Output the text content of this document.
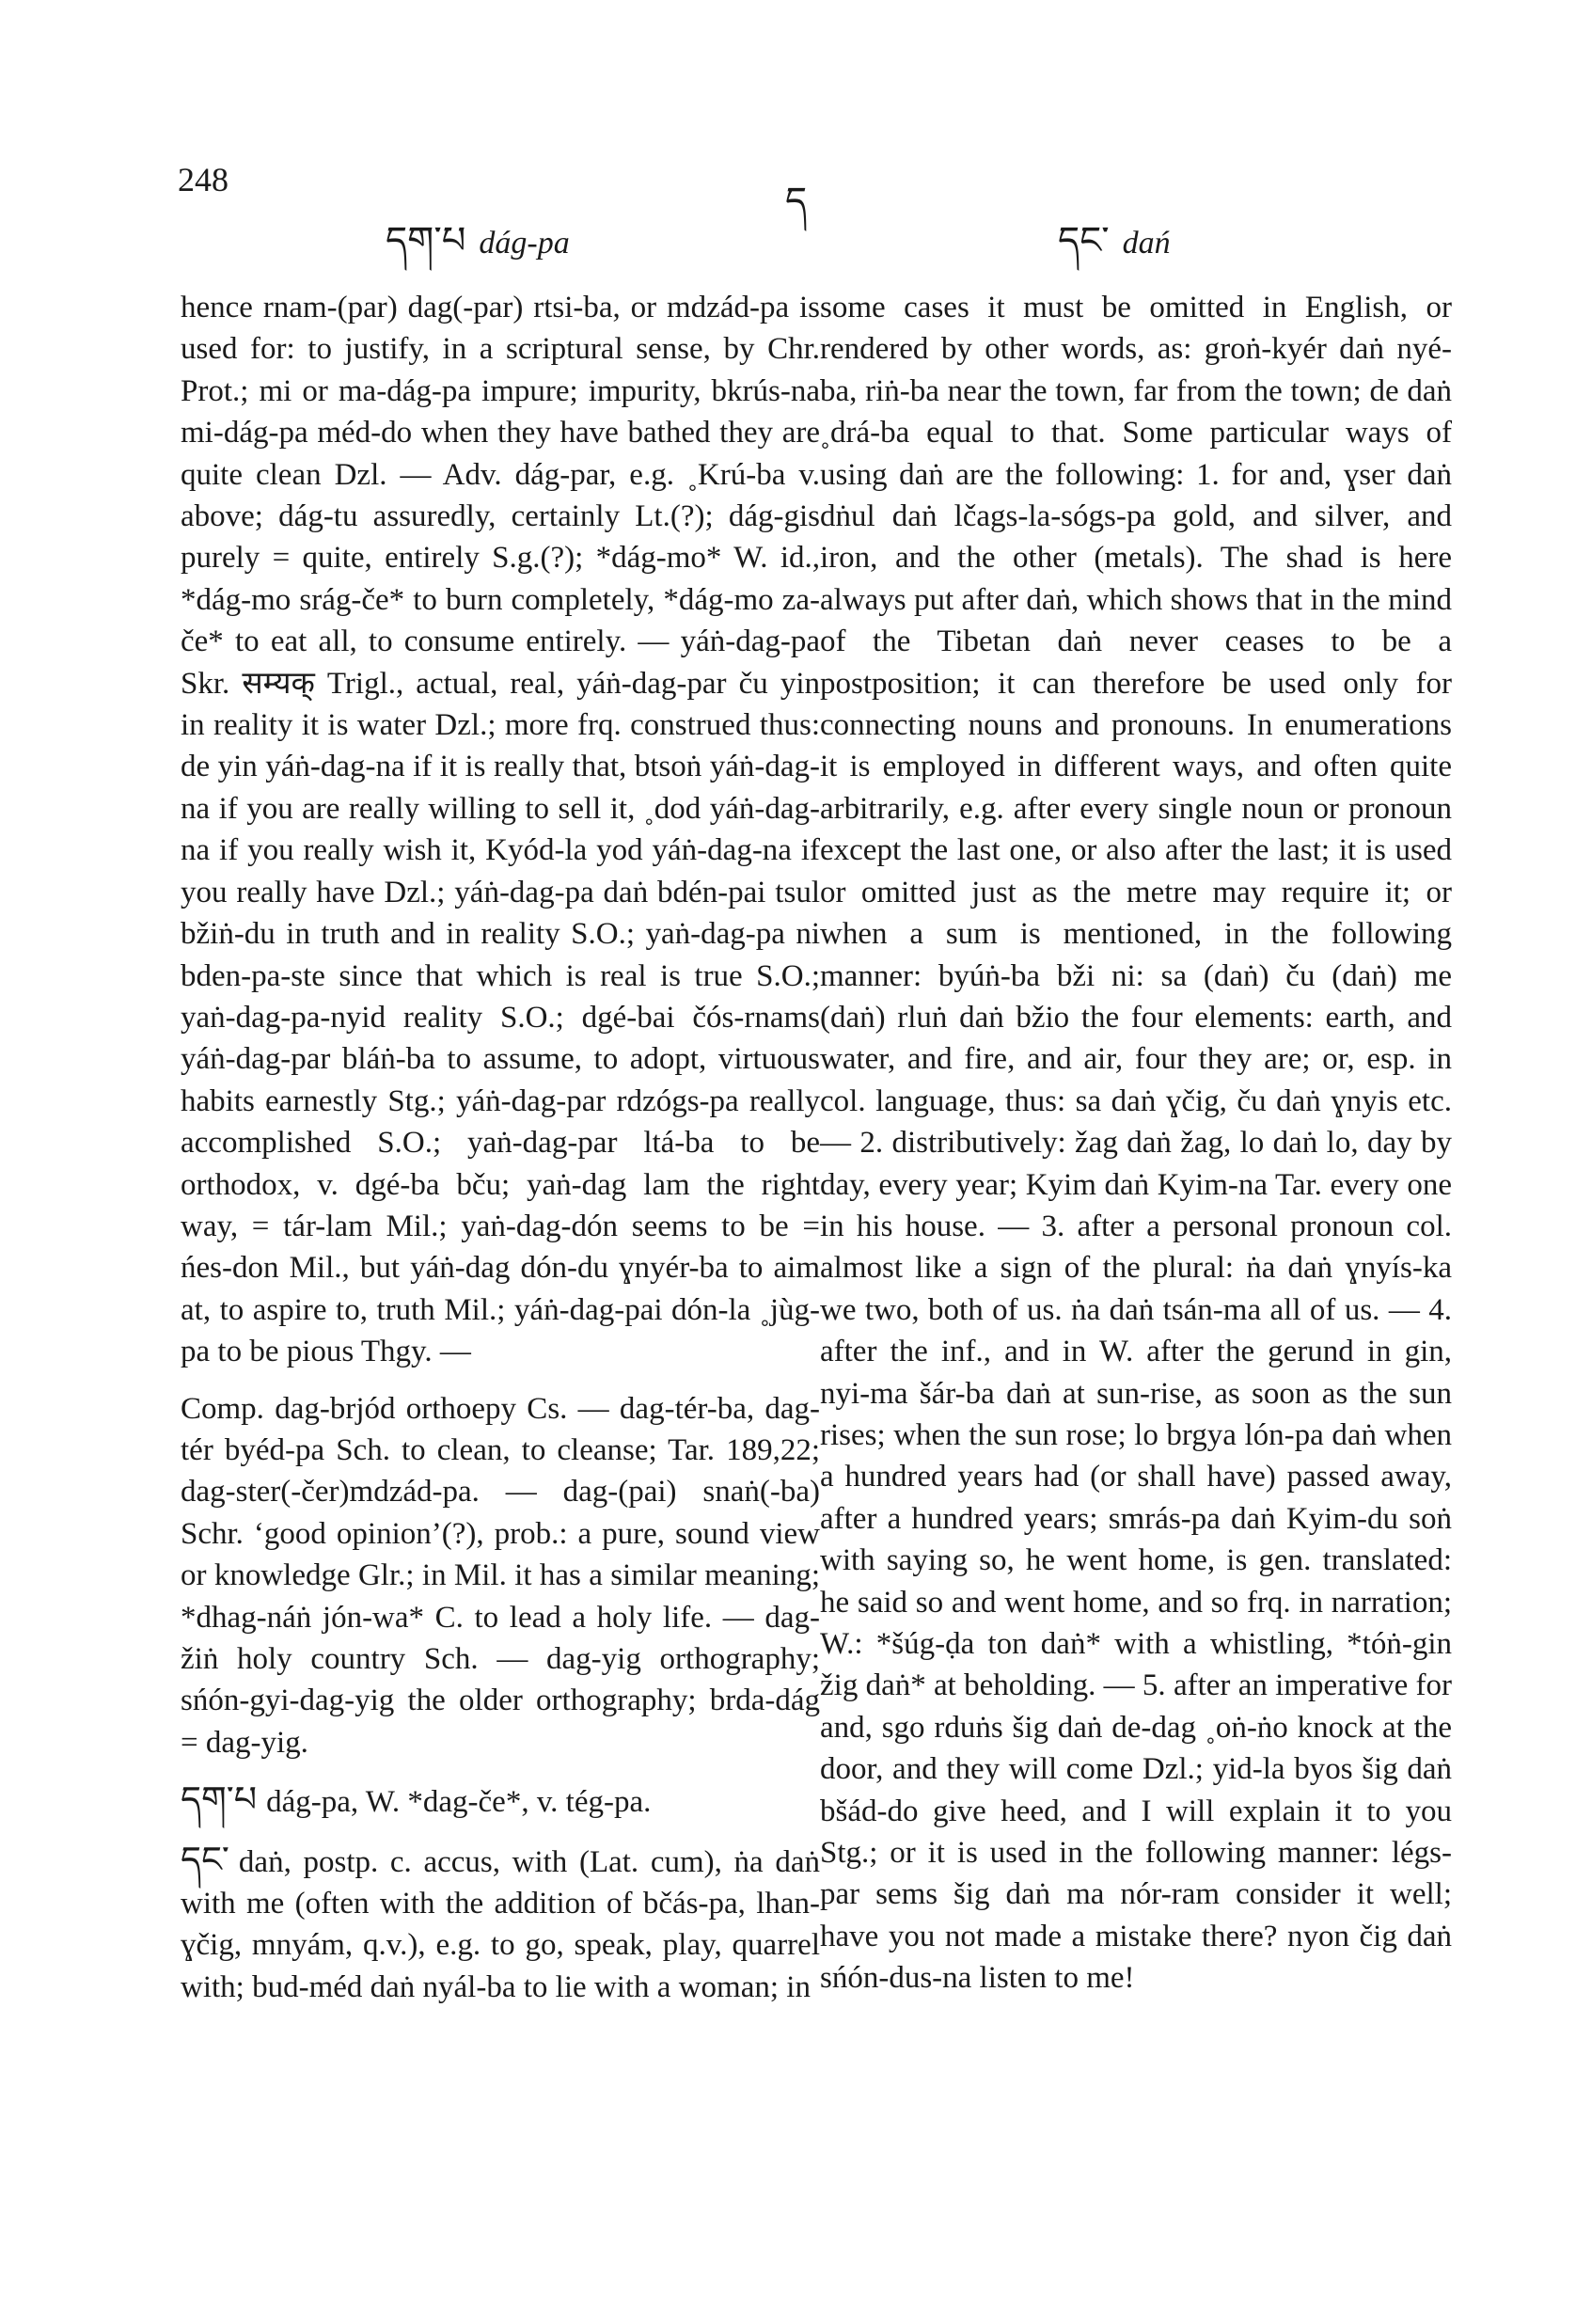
248
དག་པ dág-pa
ད
དང་ dań

hence rnam-(par) dag(-par) rtsi-ba, or mdzád-pa is used for: to justify, in a scriptural sense, by Chr. Prot.; mi or ma-dág-pa impure; impurity, bkrús-na mi-dág-pa méd-do when they have bathed they are quite clean Dzl. — Adv. dág-par, e.g. ˳Krú-ba v. above; dág-tu assuredly, certainly Lt.(?); dág-gis purely = quite, entirely S.g.(?); *dág-mo* W. id., *dág-mo srág-če* to burn completely, *dág-mo za-če* to eat all, to consume entirely. — yáṅ-dag-pa Skr. सम्यक् Trigl., actual, real, yáṅ-dag-par ču yin in reality it is water Dzl.; more frq. construed thus: de yin yáṅ-dag-na if it is really that, btsoṅ yáṅ-dag-na if you are really willing to sell it, ˳dod yáṅ-dag-na if you really wish it, Kyód-la yod yáṅ-dag-na if you really have Dzl.; yáṅ-dag-pa daṅ bdén-pai tsul bžiṅ-du in truth and in reality S.O.; yaṅ-dag-pa ni bden-pa-ste since that which is real is true S.O.; yaṅ-dag-pa-nyid reality S.O.; dgé-bai čós-rnams yáṅ-dag-par bláṅ-ba to assume, to adopt, virtuous habits earnestly Stg.; yáṅ-dag-par rdzógs-pa really accomplished S.O.; yaṅ-dag-par ltá-ba to be orthodox, v. dgé-ba bču; yaṅ-dag lam the right way, = tár-lam Mil.; yaṅ-dag-dón seems to be = ńes-don Mil., but yáṅ-dag dón-du ɣnyér-ba to aim at, to aspire to, truth Mil.; yáṅ-dag-pai dón-la ˳jùg-pa to be pious Thgy. —

Comp. dag-brjód orthoepy Cs. — dag-tér-ba, dag-tér byéd-pa Sch. to clean, to cleanse; Tar. 189,22; dag-ster(-čer)mdzád-pa. — dag-(pai) snaṅ(-ba) Schr. ‘good opinion’(?), prob.: a pure, sound view or knowledge Glr.; in Mil. it has a similar meaning; *dhag-náṅ jón-wa* C. to lead a holy life. — dag-žiṅ holy country Sch. — dag-yig orthography; sńón-gyi-dag-yig the older orthography; brda-dág = dag-yig.

དག་པ dág-pa, W. *dag-če*, v. tég-pa.

དང་ daṅ, postp. c. accus, with (Lat. cum), ṅa daṅ with me (often with the addition of bčás-pa, lhan-ɣčig, mnyám, q.v.), e.g. to go, speak, play, quarrel with; bud-méd daṅ nyál-ba to lie with a woman; in

some cases it must be omitted in English, or rendered by other words, as: groṅ-kyér daṅ nyé-ba, riṅ-ba near the town, far from the town; de daṅ ˳drá-ba equal to that. Some particular ways of using daṅ are the following: 1. for and, ɣser daṅ dṅul daṅ lčags-la-sógs-pa gold, and silver, and iron, and the other (metals). The shad is here always put after daṅ, which shows that in the mind of the Tibetan daṅ never ceases to be a postposition; it can therefore be used only for connecting nouns and pronouns. In enumerations it is employed in different ways, and often quite arbitrarily, e.g. after every single noun or pronoun except the last one, or also after the last; it is used or omitted just as the metre may require it; or when a sum is mentioned, in the following manner: byúṅ-ba bži ni: sa (daṅ) ču (daṅ) me (daṅ) rluṅ daṅ bžio the four elements: earth, and water, and fire, and air, four they are; or, esp. in col. language, thus: sa daṅ ɣčig, ču daṅ ɣnyis etc. — 2. distributively: žag daṅ žag, lo daṅ lo, day by day, every year; Kyim daṅ Kyim-na Tar. every one in his house. — 3. after a personal pronoun col. almost like a sign of the plural: ṅa daṅ ɣnyís-ka we two, both of us. ṅa daṅ tsán-ma all of us. — 4. after the inf., and in W. after the gerund in gin, nyi-ma šár-ba daṅ at sun-rise, as soon as the sun rises; when the sun rose; lo brgya lón-pa daṅ when a hundred years had (or shall have) passed away, after a hundred years; smrás-pa daṅ Kyim-du soṅ with saying so, he went home, is gen. translated: he said so and went home, and so frq. in narration; W.: *šúg-ḍa ton daṅ* with a whistling, *tóṅ-gin žig daṅ* at beholding. — 5. after an imperative for and, sgo rduṅs šig daṅ de-dag ˳oṅ-ṅo knock at the door, and they will come Dzl.; yid-la byos šig daṅ bšád-do give heed, and I will explain it to you Stg.; or it is used in the following manner: légs-par sems šig daṅ ma nór-ram consider it well; have you not made a mistake there? nyon čig daṅ sńón-dus-na listen to me!
